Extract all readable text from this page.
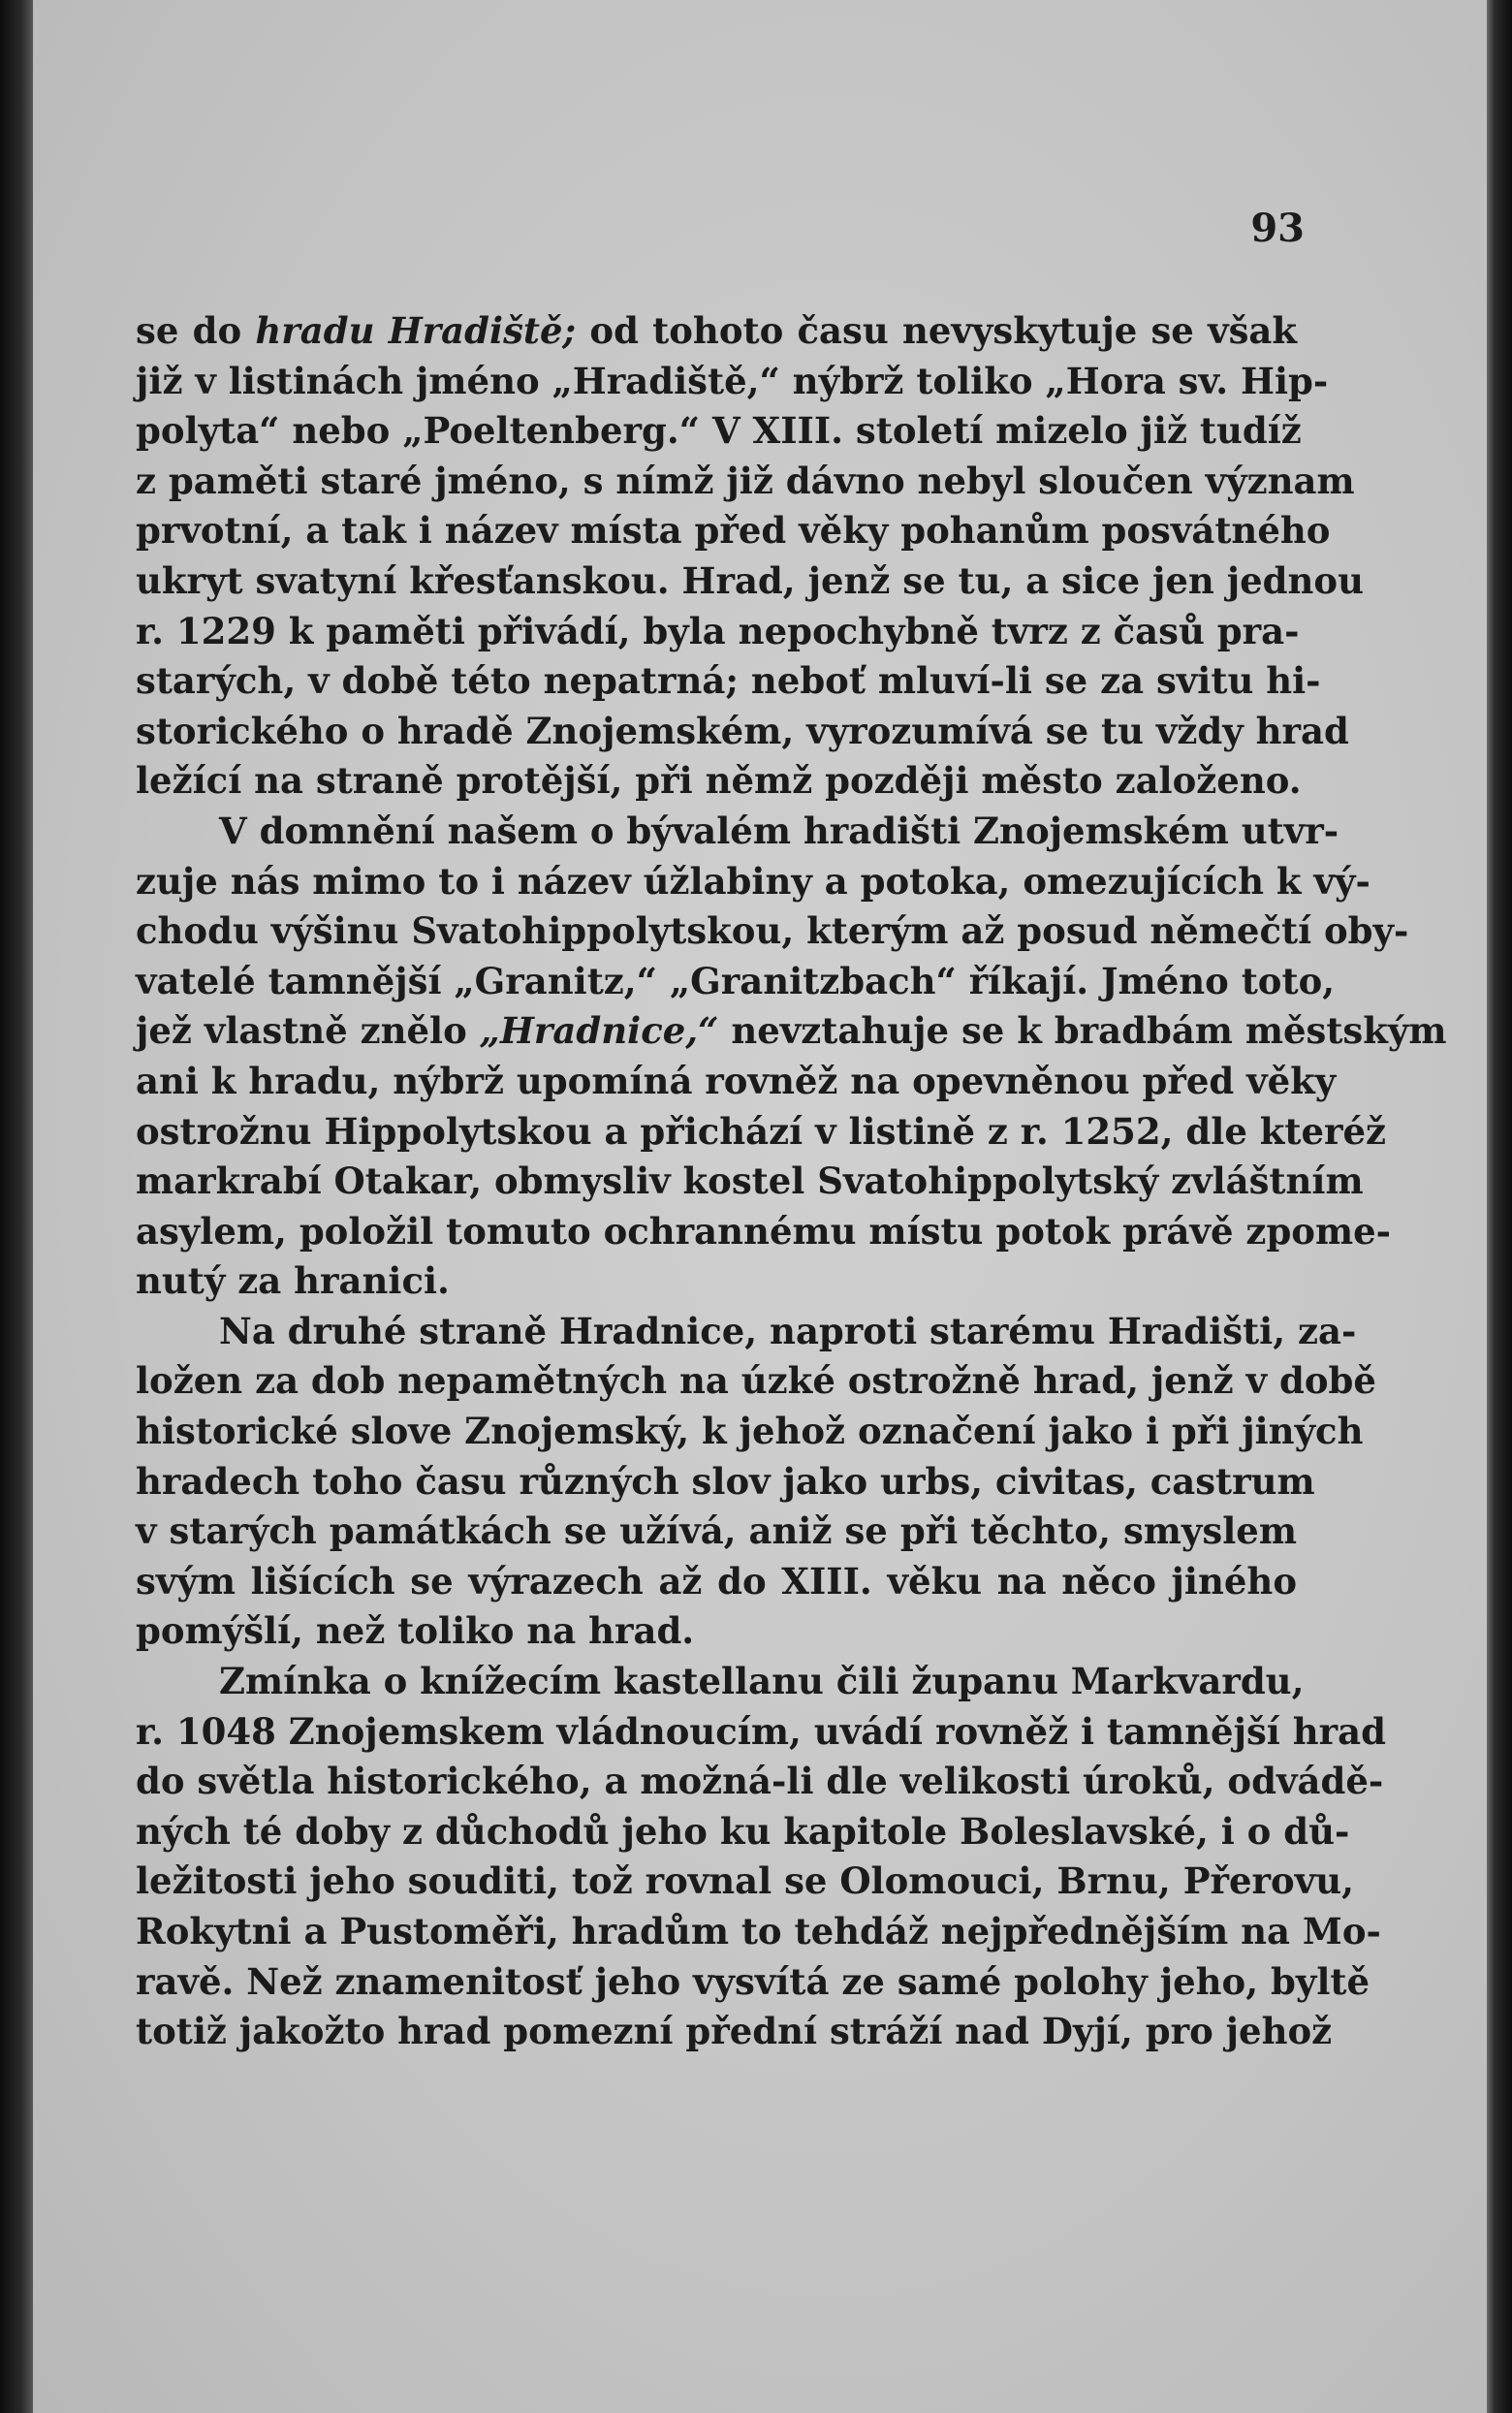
93
se do hradu Hradiště; od tohoto času nevyskytuje se však
již v listinách jméno „Hradiště,“ nýbrž toliko „Hora sv. Hip-
polyta“ nebo „Poeltenberg.“ V XIII. století mizelo již tudíž
z paměti staré jméno, s nímž již dávno nebyl sloučen význam
prvotní, a tak i název místa před věky pohanům posvátného
ukryt svatyní křesťanskou. Hrad, jenž se tu, a sice jen jednou
r. 1229 k paměti přivádí, byla nepochybně tvrz z časů pra-
starých, v době této nepatrná; neboť mluví-li se za svitu hi-
storického o hradě Znojemském, vyrozumívá se tu vždy hrad
ležící na straně protější, při němž později město založeno.
V domnění našem o bývalém hradišti Znojemském utvr-
zuje nás mimo to i název úžlabiny a potoka, omezujících k vý-
chodu výšinu Svatohippolytskou, kterým až posud němečtí oby-
vatelé tamnější „Granitz,“ „Granitzbach“ říkají. Jméno toto,
jež vlastně znělo „Hradnice,“ nevztahuje se k bradbám městským
ani k hradu, nýbrž upomíná rovněž na opevněnou před věky
ostrožnu Hippolytskou a přichází v listině z r. 1252, dle kteréž
markrabí Otakar, obmysliv kostel Svatohippolytský zvláštním
asylem, položil tomuto ochrannému místu potok právě zpome-
nutý za hranici.
Na druhé straně Hradnice, naproti starému Hradišti, za-
ložen za dob nepamětných na úzké ostrožně hrad, jenž v době
historické slove Znojemský, k jehož označení jako i při jiných
hradech toho času různých slov jako urbs, civitas, castrum
v starých památkách se užívá, aniž se při těchto, smyslem
svým lišících se výrazech až do XIII. věku na něco jiného
pomýšlí, než toliko na hrad.
Zmínka o knížecím kastellanu čili županu Markvardu,
r. 1048 Znojemskem vládnoucím, uvádí rovněž i tamnější hrad
do světla historického, a možná-li dle velikosti úroků, odvádě-
ných té doby z důchodů jeho ku kapitole Boleslavské, i o dů-
ležitosti jeho souditi, tož rovnal se Olomouci, Brnu, Přerovu,
Rokytni a Pustoměři, hradům to tehdáž nejpřednějším na Mo-
ravě. Než znamenitosť jeho vysvítá ze samé polohy jeho, byltě
totiž jakožto hrad pomezní přední stráží nad Dyjí, pro jehož
